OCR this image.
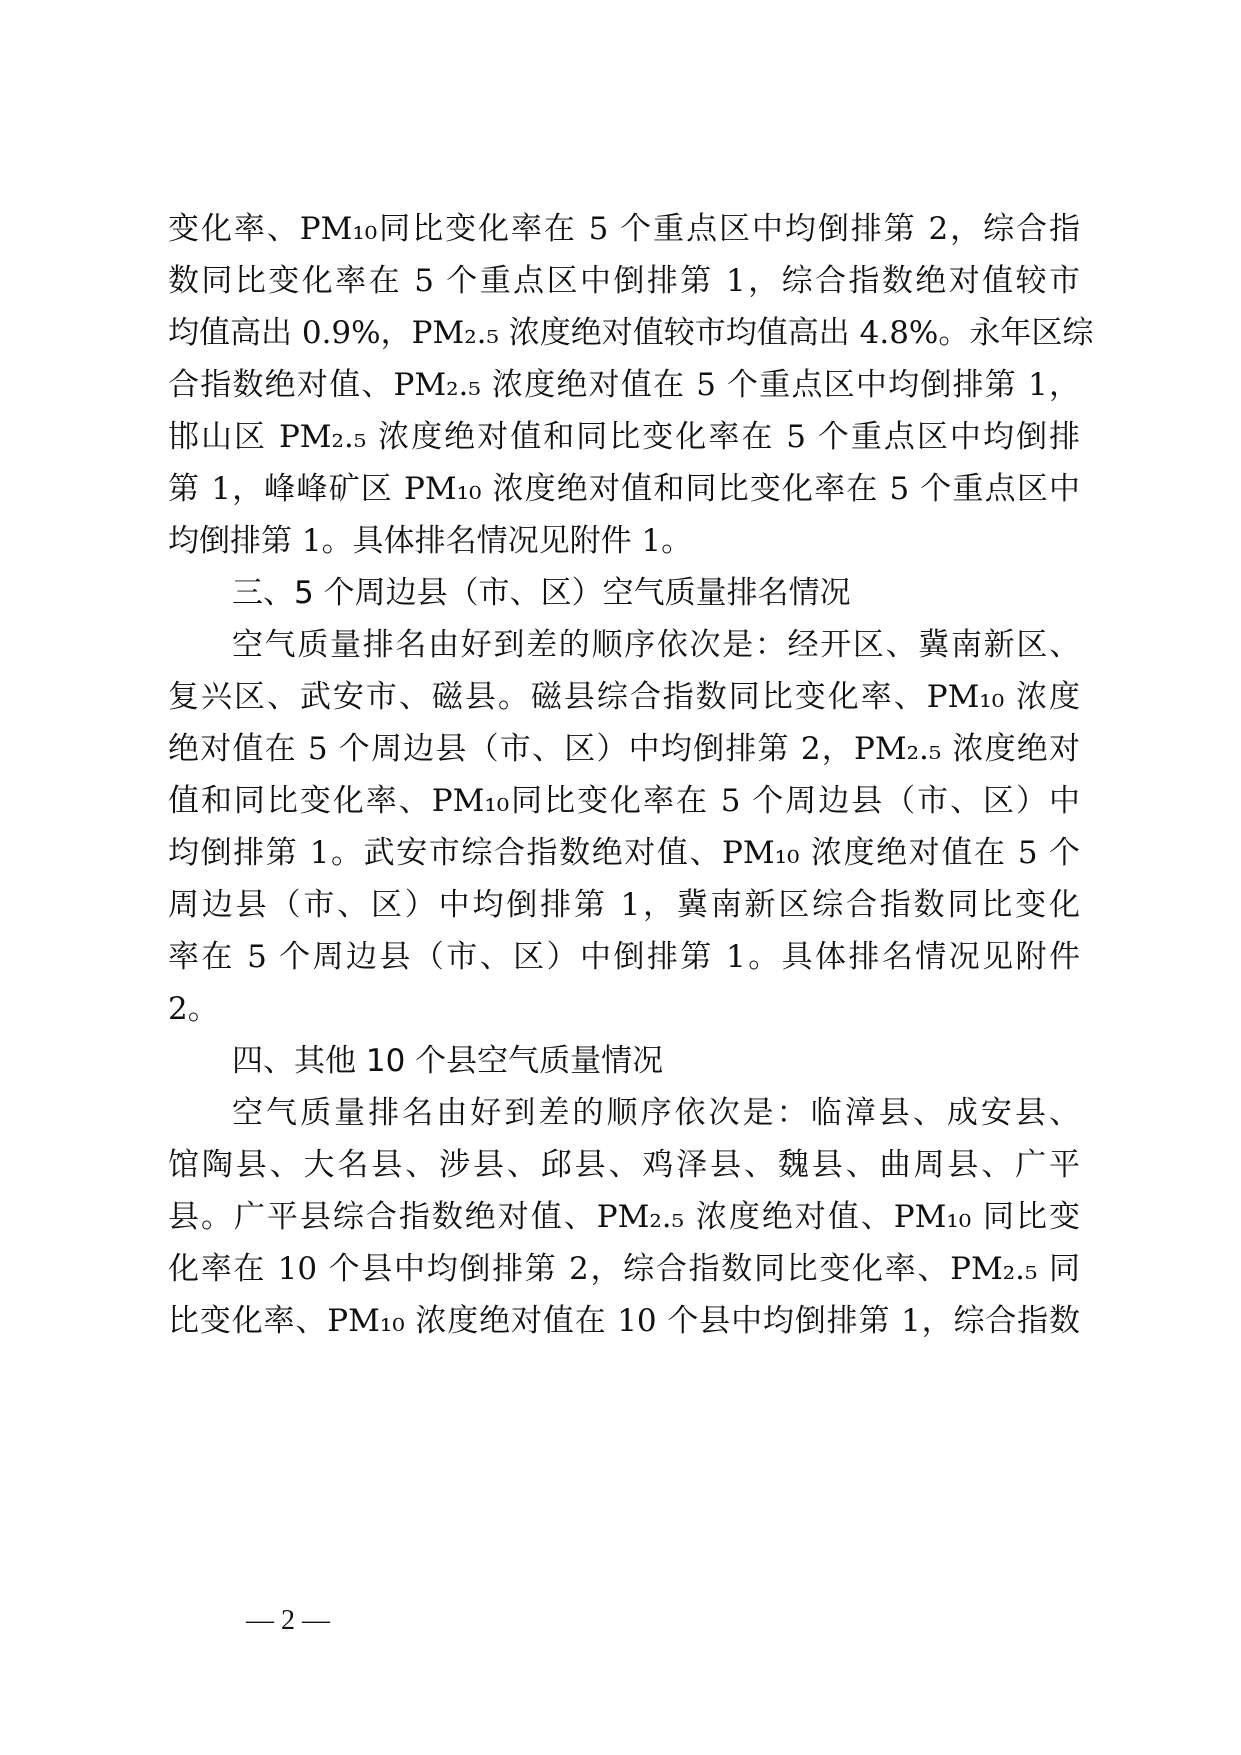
变化率、PM₁₀同比变化率在 5 个重点区中均倒排第 2，综合指
数同比变化率在 5 个重点区中倒排第 1，综合指数绝对值较市
均值高出 0.9%，PM₂.₅ 浓度绝对值较市均值高出 4.8%。永年区综
合指数绝对值、PM₂.₅ 浓度绝对值在 5 个重点区中均倒排第 1，
邯山区 PM₂.₅ 浓度绝对值和同比变化率在 5 个重点区中均倒排
第 1，峰峰矿区 PM₁₀ 浓度绝对值和同比变化率在 5 个重点区中
均倒排第 1。具体排名情况见附件 1。
三、5 个周边县（市、区）空气质量排名情况
空气质量排名由好到差的顺序依次是：经开区、冀南新区、
复兴区、武安市、磁县。磁县综合指数同比变化率、PM₁₀ 浓度
绝对值在 5 个周边县（市、区）中均倒排第 2，PM₂.₅ 浓度绝对
值和同比变化率、PM₁₀同比变化率在 5 个周边县（市、区）中
均倒排第 1。武安市综合指数绝对值、PM₁₀ 浓度绝对值在 5 个
周边县（市、区）中均倒排第 1，冀南新区综合指数同比变化
率在 5 个周边县（市、区）中倒排第 1。具体排名情况见附件
2。
四、其他 10 个县空气质量情况
空气质量排名由好到差的顺序依次是：临漳县、成安县、
馆陶县、大名县、涉县、邱县、鸡泽县、魏县、曲周县、广平
县。广平县综合指数绝对值、PM₂.₅ 浓度绝对值、PM₁₀ 同比变
化率在 10 个县中均倒排第 2，综合指数同比变化率、PM₂.₅ 同
比变化率、PM₁₀ 浓度绝对值在 10 个县中均倒排第 1，综合指数
— 2 —
